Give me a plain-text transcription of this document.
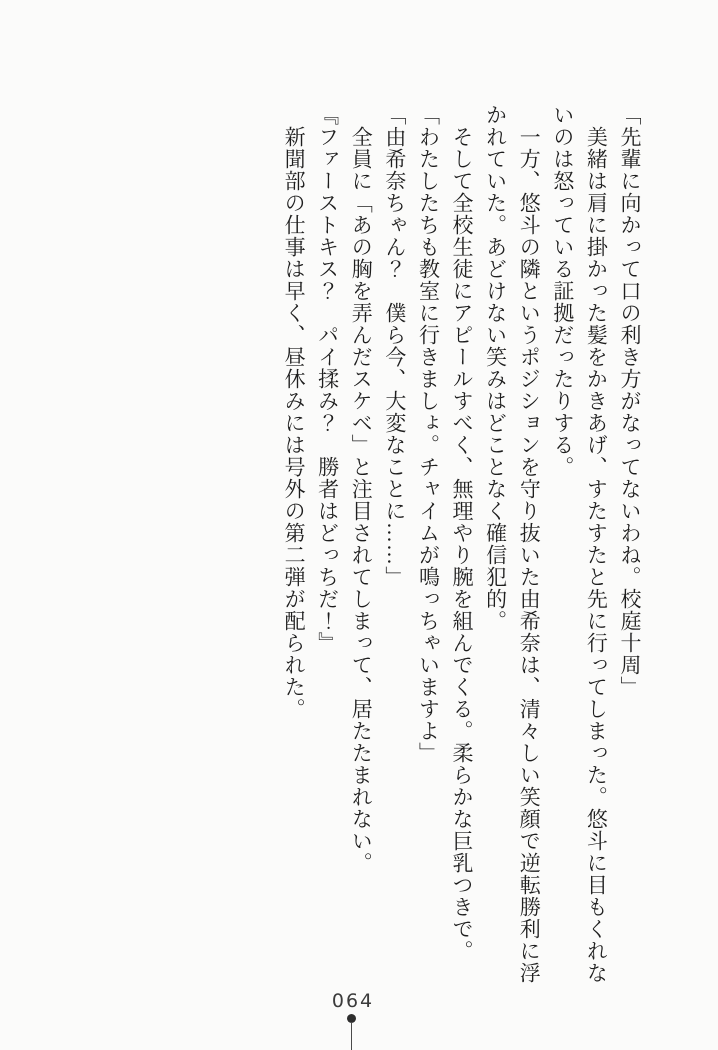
「先輩に向かって口の利き方がなってないわね。校庭十周」

　美緒は肩に掛かった髪をかきあげ、すたすたと先に行ってしまった。悠斗に目もくれな

いのは怒っている証拠だったりする。

　一方、悠斗の隣というポジションを守り抜いた由希奈は、清々しい笑顔で逆転勝利に浮

かれていた。あどけない笑みはどことなく確信犯的。

　そして全校生徒にアピールすべく、無理やり腕を組んでくる。柔らかな巨乳つきで。

「わたしたちも教室に行きましょ。チャイムが鳴っちゃいますよ」

「由希奈ちゃん？　僕ら今、大変なことに……」

　全員に「あの胸を弄んだスケベ」と注目されてしまって、居たたまれない。

『ファーストキス？　パイ揉み？　勝者はどっちだ！』

　新聞部の仕事は早く、昼休みには号外の第二弾が配られた。

064
